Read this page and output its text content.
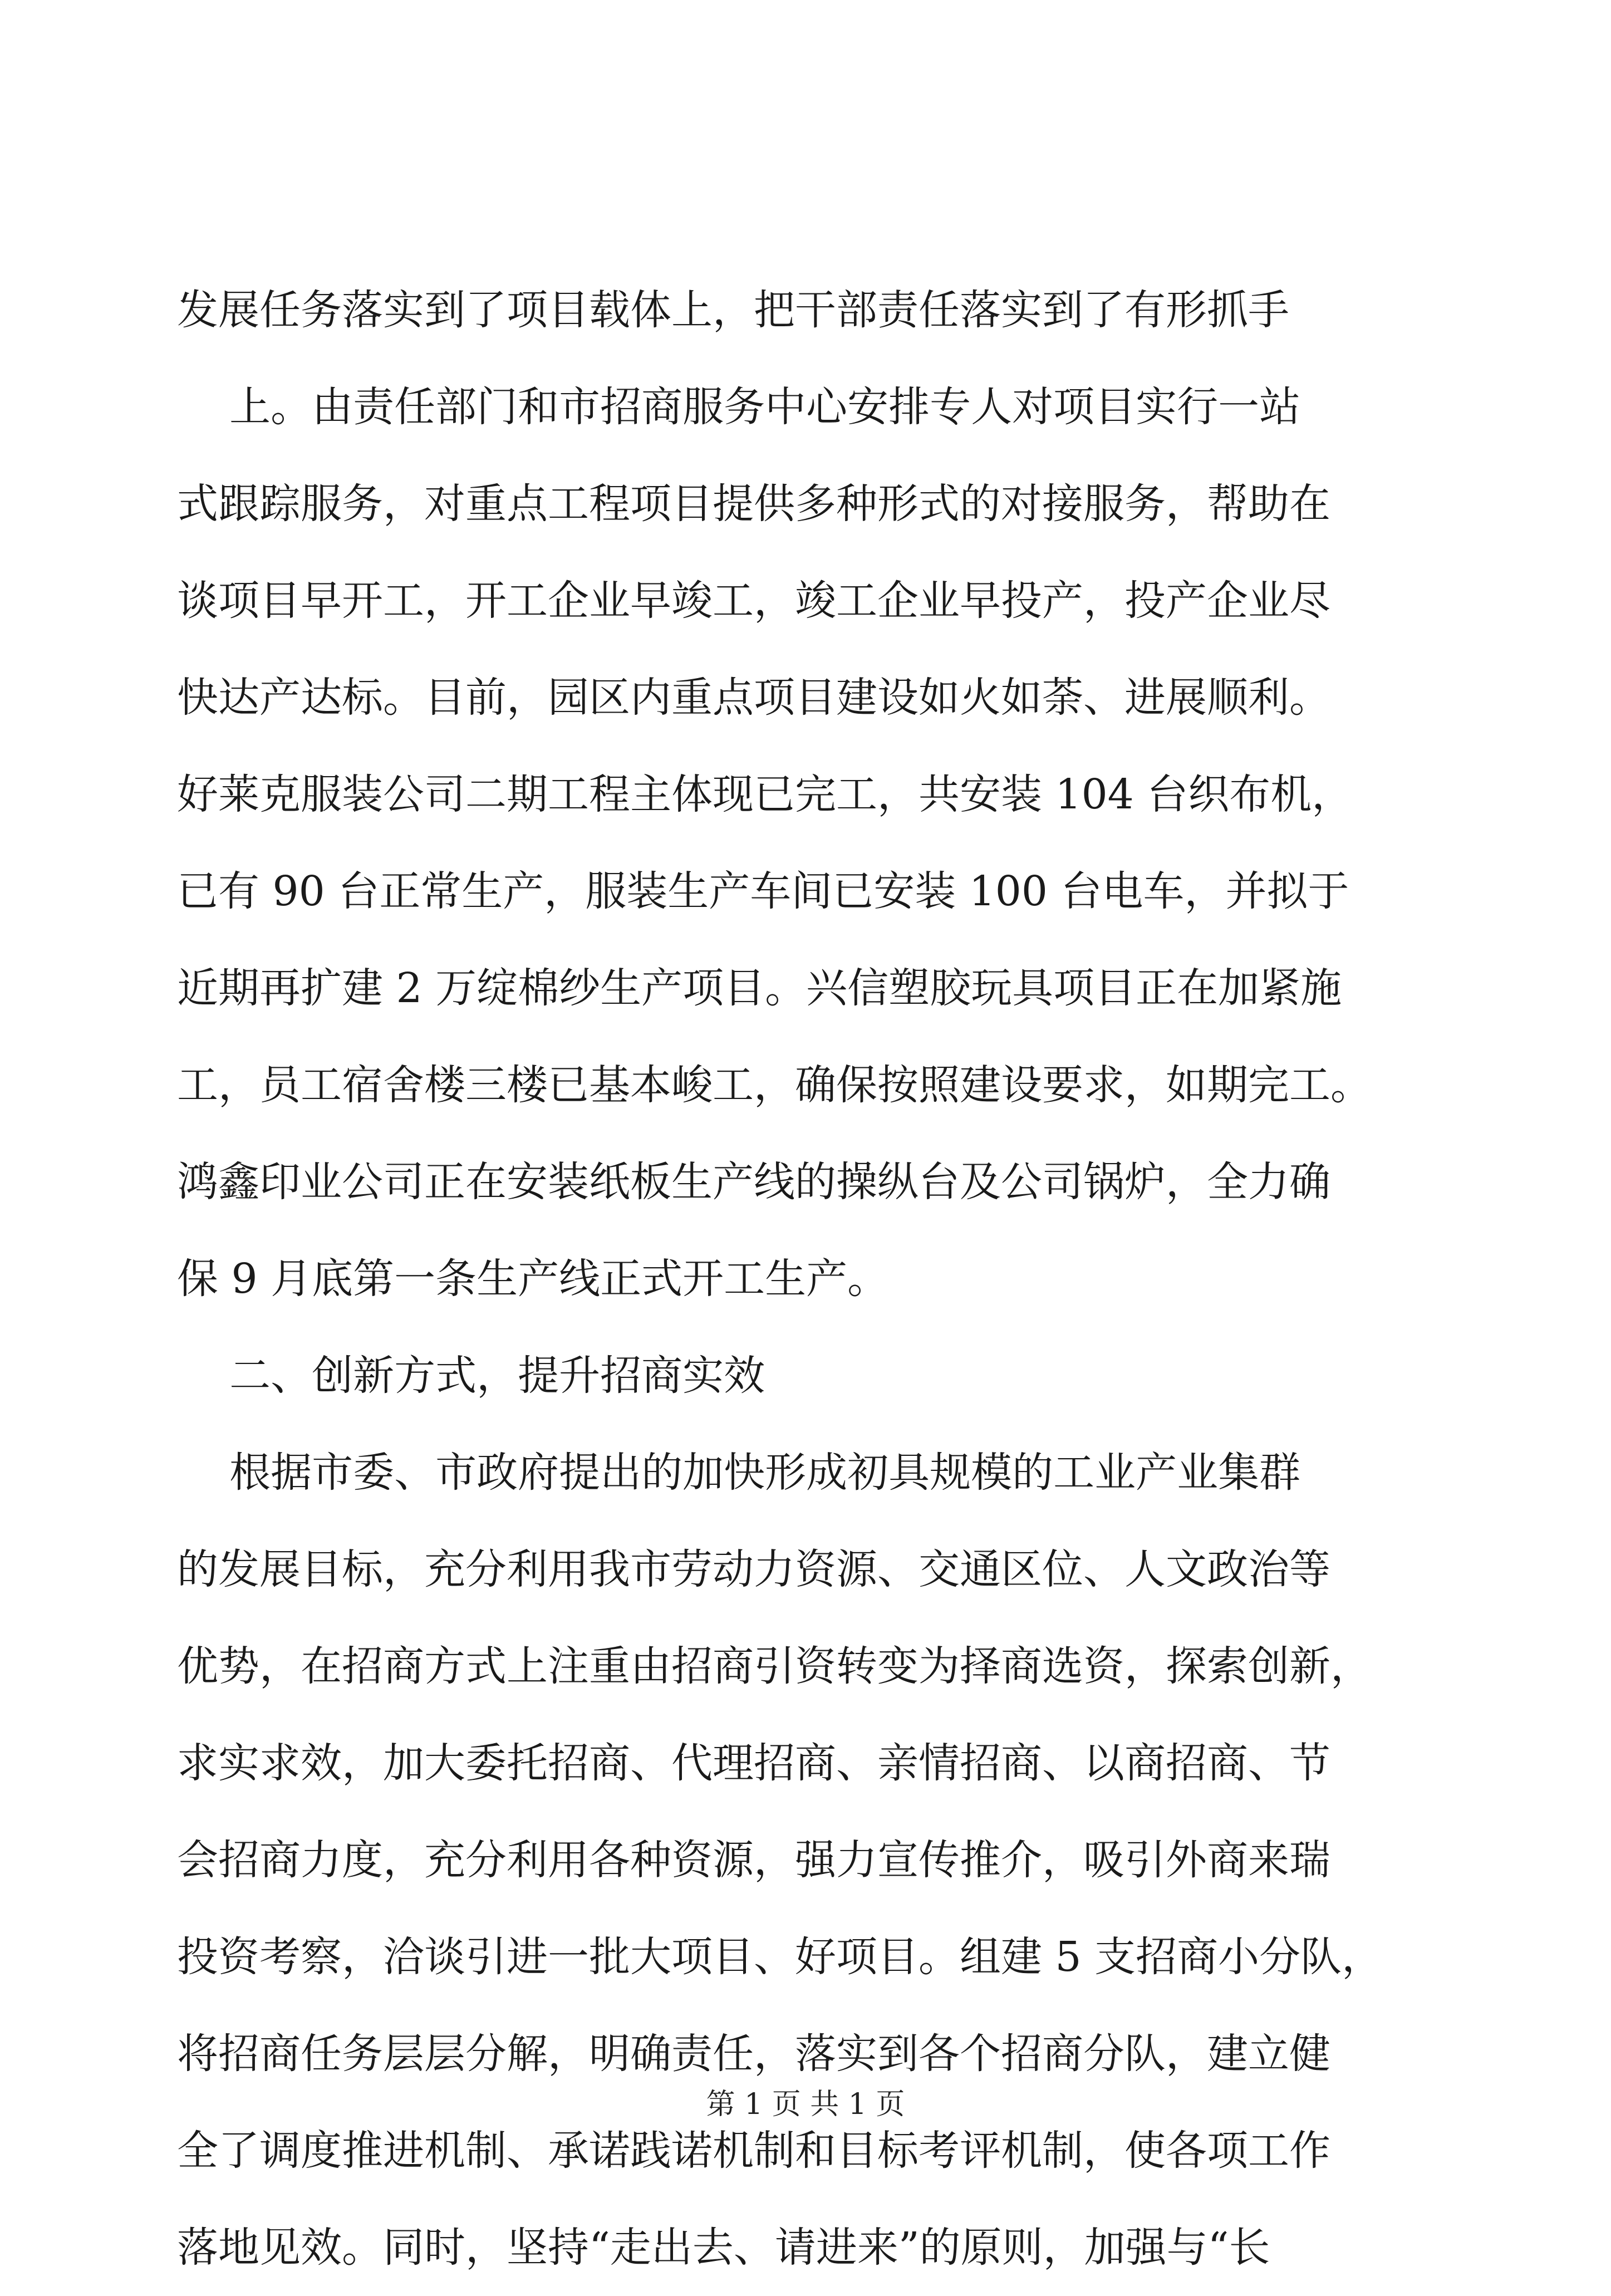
发展任务落实到了项目载体上，把干部责任落实到了有形抓手
上。由责任部门和市招商服务中心安排专人对项目实行一站
式跟踪服务，对重点工程项目提供多种形式的对接服务，帮助在
谈项目早开工，开工企业早竣工，竣工企业早投产，投产企业尽
快达产达标。目前，园区内重点项目建设如火如荼、进展顺利。
好莱克服装公司二期工程主体现已完工，共安装 104 台织布机，
已有 90 台正常生产，服装生产车间已安装 100 台电车，并拟于
近期再扩建 2 万绽棉纱生产项目。兴信塑胶玩具项目正在加紧施
工，员工宿舍楼三楼已基本峻工，确保按照建设要求，如期完工。
鸿鑫印业公司正在安装纸板生产线的操纵台及公司锅炉，全力确
保 9 月底第一条生产线正式开工生产。
二、创新方式，提升招商实效
根据市委、市政府提出的加快形成初具规模的工业产业集群
的发展目标，充分利用我市劳动力资源、交通区位、人文政治等
优势，在招商方式上注重由招商引资转变为择商选资，探索创新，
求实求效，加大委托招商、代理招商、亲情招商、以商招商、节
会招商力度，充分利用各种资源，强力宣传推介，吸引外商来瑞
投资考察，洽谈引进一批大项目、好项目。组建 5 支招商小分队，
将招商任务层层分解，明确责任，落实到各个招商分队，建立健
全了调度推进机制、承诺践诺机制和目标考评机制，使各项工作
落地见效。同时，坚持“走出去、请进来”的原则，加强与“长
第 1 页 共 1 页
